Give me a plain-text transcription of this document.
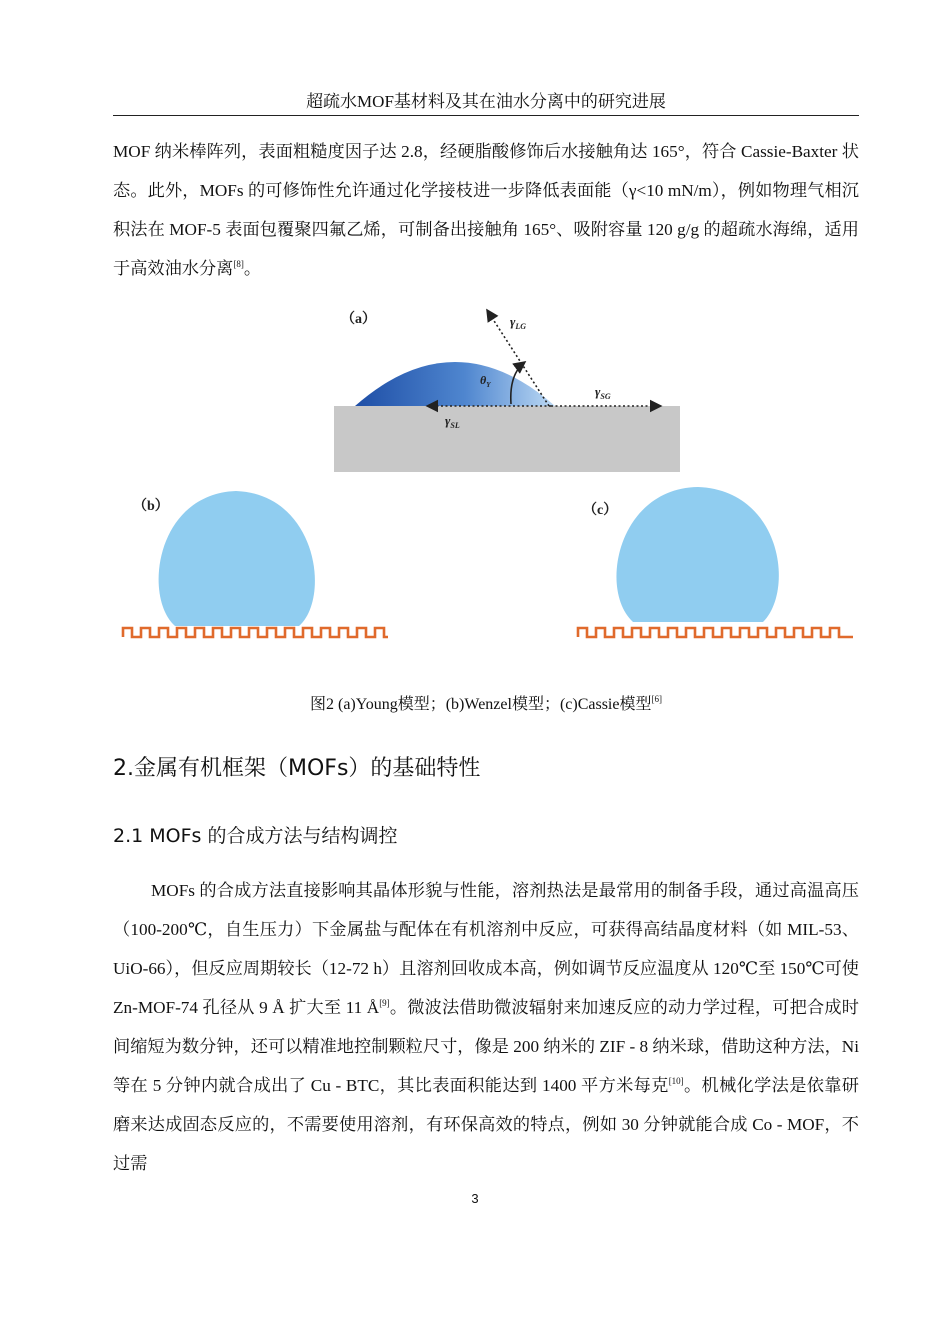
超疏水MOF基材料及其在油水分离中的研究进展

MOF 纳米棒阵列，表面粗糙度因子达 2.8，经硬脂酸修饰后水接触角达 165°，符合 Cassie-Baxter 状态。此外，MOFs 的可修饰性允许通过化学接枝进一步降低表面能（γ<10 mN/m），例如物理气相沉积法在 MOF-5 表面包覆聚四氟乙烯，可制备出接触角 165°、吸附容量 120 g/g 的超疏水海绵，适用于高效油水分离[8]。

（a）	$\gamma_{LG}$
$\gamma_{SG}$
$\gamma_{SL}$
$\theta_Y$
（b）	（c）
图2 (a)Young模型；(b)Wenzel模型；(c)Cassie模型[6]
2.金属有机框架（MOFs）的基础特性
2.1 MOFs 的合成方法与结构调控

MOFs 的合成方法直接影响其晶体形貌与性能，溶剂热法是最常用的制备手段，通过高温高压（100-200℃，自生压力）下金属盐与配体在有机溶剂中反应，可获得高结晶度材料（如 MIL-53、UiO-66），但反应周期较长（12-72 h）且溶剂回收成本高，例如调节反应温度从 120℃至 150℃可使 Zn-MOF-74 孔径从 9 Å 扩大至 11 Å[9]。微波法借助微波辐射来加速反应的动力学过程，可把合成时间缩短为数分钟，还可以精准地控制颗粒尺寸，像是 200 纳米的 ZIF - 8 纳米球，借助这种方法，Ni 等在 5 分钟内就合成出了 Cu - BTC，其比表面积能达到 1400 平方米每克[10]。机械化学法是依靠研磨来达成固态反应的，不需要使用溶剂，有环保高效的特点，例如 30 分钟就能合成 Co - MOF，不过需

3
